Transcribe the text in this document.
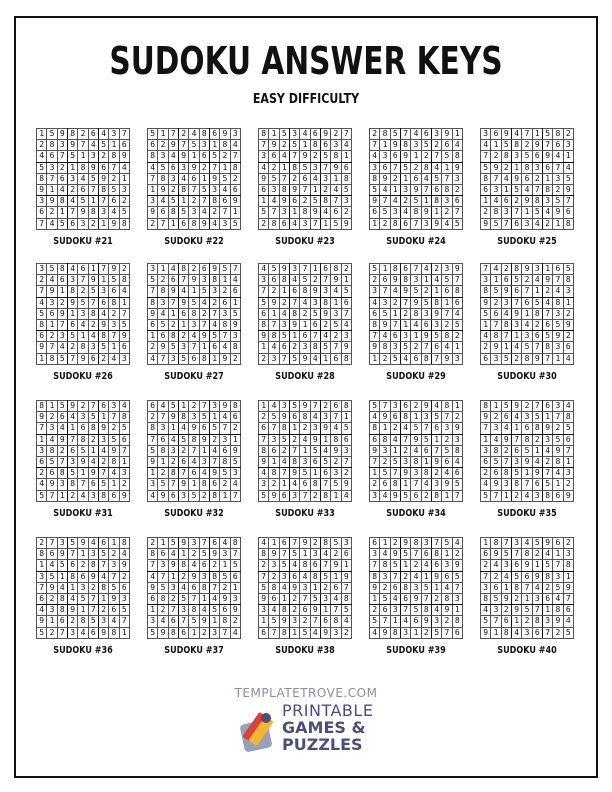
SUDOKU ANSWER KEYS
EASY DIFFICULTY
1	5	9	8	2	6	4	3	7
2	8	3	9	7	4	5	1	6
4	6	7	5	1	3	2	8	9
5	3	2	1	8	9	6	7	4
8	7	6	3	4	5	9	2	1
9	1	4	2	6	7	8	5	3
3	9	8	4	5	1	7	6	2
6	2	1	7	9	8	3	4	5
7	4	5	6	3	2	1	9	8
SUDOKU #21
5	1	7	2	4	8	6	9	3
6	2	9	7	5	3	1	8	4
8	3	4	9	1	6	5	2	7
4	5	6	3	9	2	7	1	8
7	8	3	4	6	1	9	5	2
1	9	2	8	7	5	3	4	6
3	4	5	1	2	7	8	6	9
9	6	8	5	3	4	2	7	1
2	7	1	6	8	9	4	3	5
SUDOKU #22
8	1	5	3	4	6	9	2	7
7	9	2	5	1	8	6	3	4
3	6	4	7	9	2	5	8	1
4	2	1	8	5	3	7	9	6
9	5	7	2	6	4	3	1	8
6	3	8	9	7	1	2	4	5
1	4	9	6	2	5	8	7	3
5	7	3	1	8	9	4	6	2
2	8	6	4	3	7	1	5	9
SUDOKU #23
2	8	5	7	4	6	3	9	1
7	1	9	8	3	5	2	6	4
4	3	6	9	1	2	7	5	8
3	6	7	5	2	8	4	1	9
8	9	2	1	6	4	5	7	3
5	4	1	3	9	7	6	8	2
9	7	4	2	5	1	8	3	6
6	5	3	4	8	9	1	2	7
1	2	8	6	7	3	9	4	5
SUDOKU #24
3	6	9	4	7	1	5	8	2
4	1	5	8	2	9	7	6	3
7	2	8	3	5	6	9	4	1
5	9	2	1	8	3	6	7	4
8	7	4	9	6	2	1	3	5
6	3	1	5	4	7	8	2	9
1	4	6	2	9	8	3	5	7
2	8	3	7	1	5	4	9	6
9	5	7	6	3	4	2	1	8
SUDOKU #25
3	5	8	4	6	1	7	9	2
2	4	6	3	7	9	1	5	8
7	9	1	8	2	5	3	6	4
4	3	2	9	5	7	6	8	1
5	6	9	1	3	8	4	2	7
8	1	7	6	4	2	9	3	5
6	2	3	5	1	4	8	7	9
9	7	4	2	8	3	5	1	6
1	8	5	7	9	6	2	4	3
SUDOKU #26
3	1	4	8	2	6	9	5	7
5	2	6	7	9	3	8	1	4
7	8	9	4	1	5	3	2	6
8	3	7	9	5	4	2	6	1
9	4	1	6	8	2	7	3	5
6	5	2	1	3	7	4	8	9
1	6	8	2	4	9	5	7	3
2	9	5	3	7	1	6	4	8
4	7	3	5	6	8	1	9	2
SUDOKU #27
4	5	9	3	7	1	6	8	2
3	6	8	4	5	2	7	9	1
7	2	1	6	8	9	3	4	5
5	9	2	7	4	3	8	1	6
6	1	4	8	2	5	9	3	7
8	7	3	9	1	6	2	5	4
9	8	5	1	6	7	4	2	3
1	4	6	2	3	8	5	7	9
2	3	7	5	9	4	1	6	8
SUDOKU #28
5	1	8	6	7	4	2	3	9
2	6	9	8	3	1	4	5	7
3	7	4	9	5	2	1	6	8
4	3	2	7	9	5	8	1	6
6	5	1	2	8	3	9	7	4
8	9	7	1	4	6	3	2	5
7	4	6	3	1	9	5	8	2
9	8	3	5	2	7	6	4	1
1	2	5	4	6	8	7	9	3
SUDOKU #29
7	4	2	8	9	3	1	6	5
3	1	6	5	2	4	9	7	8
8	5	9	6	7	1	2	4	3
9	2	3	7	6	5	4	8	1
5	6	4	9	1	8	7	3	2
1	7	8	3	4	2	6	5	9
4	8	7	1	3	6	5	9	2
2	9	1	4	5	7	8	3	6
6	3	5	2	8	9	7	1	4
SUDOKU #30
8	1	5	9	2	7	6	3	4
9	2	6	4	3	5	1	7	8
7	3	4	1	6	8	9	2	5
1	4	9	7	8	2	3	5	6
3	8	2	6	5	1	4	9	7
6	5	7	3	9	4	2	8	1
2	6	8	5	1	9	7	4	3
4	9	3	8	7	6	5	1	2
5	7	1	2	4	3	8	6	9
SUDOKU #31
6	4	5	1	2	7	3	9	8
2	7	9	8	3	5	1	4	6
8	3	1	4	9	6	5	7	2
7	6	4	5	8	9	2	3	1
5	8	3	2	7	1	4	6	9
9	1	2	6	4	3	7	8	5
1	2	8	7	6	4	9	5	3
3	5	7	9	1	8	6	2	4
4	9	6	3	5	2	8	1	7
SUDOKU #32
1	4	3	5	9	7	2	6	8
2	5	9	6	8	4	3	7	1
6	7	8	1	2	3	9	4	5
7	3	5	2	4	9	1	8	6
8	6	2	7	1	5	4	9	3
9	1	4	8	3	6	5	2	7
4	8	7	9	5	1	6	3	2
3	2	1	4	6	8	7	5	9
5	9	6	3	7	2	8	1	4
SUDOKU #33
5	7	3	6	2	9	4	8	1
4	9	6	8	1	3	5	7	2
8	1	2	4	5	7	6	3	9
6	8	4	7	9	5	1	2	3
9	3	1	2	4	6	7	5	8
7	2	5	3	8	1	9	6	4
1	5	7	9	3	8	2	4	6
2	6	8	1	7	4	3	9	5
3	4	9	5	6	2	8	1	7
SUDOKU #34
8	1	5	9	2	7	6	3	4
9	2	6	4	3	5	1	7	8
7	3	4	1	6	8	9	2	5
1	4	9	7	8	2	3	5	6
3	8	2	6	5	1	4	9	7
6	5	7	3	9	4	2	8	1
2	6	8	5	1	9	7	4	3
4	9	3	8	7	6	5	1	2
5	7	1	2	4	3	8	6	9
SUDOKU #35
2	7	3	5	9	4	6	1	8
8	6	9	7	1	3	5	2	4
1	4	5	6	2	8	7	3	9
3	5	1	8	6	9	4	7	2
7	9	4	1	3	2	8	5	6
6	2	8	4	5	7	1	9	3
4	3	8	9	1	7	2	6	5
9	1	6	2	8	5	3	4	7
5	2	7	3	4	6	9	8	1
SUDOKU #36
2	1	5	9	3	7	6	4	8
8	6	4	1	2	5	9	3	7
7	3	9	8	4	6	2	1	5
4	7	1	2	9	3	8	5	6
9	5	3	4	6	8	7	2	1
6	8	2	5	7	1	4	9	3
1	2	7	3	8	4	5	6	9
3	4	6	7	5	9	1	8	2
5	9	8	6	1	2	3	7	4
SUDOKU #37
4	1	6	7	9	2	8	5	3
8	9	7	5	1	3	4	2	6
2	3	5	4	8	6	7	9	1
7	2	3	6	4	8	5	1	9
5	8	4	9	3	1	2	6	7
9	6	1	2	7	5	3	4	8
3	4	8	2	6	9	1	7	5
1	5	9	3	2	7	6	8	4
6	7	8	1	5	4	9	3	2
SUDOKU #38
6	1	2	9	8	3	7	5	4
3	4	9	5	7	6	8	1	2
7	8	5	1	2	4	6	3	9
8	3	7	2	4	1	9	6	5
9	2	6	8	3	5	1	4	7
1	5	4	6	9	7	2	8	3
2	6	3	7	5	8	4	9	1
5	7	1	4	6	9	3	2	8
4	9	8	3	1	2	5	7	6
SUDOKU #39
1	8	7	3	4	5	9	6	2
6	9	5	7	8	2	4	1	3
2	4	3	6	9	1	5	7	8
7	2	4	5	6	9	8	3	1
3	6	1	8	7	4	2	5	9
8	5	9	2	1	3	6	4	7
4	3	2	9	5	7	1	8	6
5	7	6	1	2	8	3	9	4
9	1	8	4	3	6	7	2	5
SUDOKU #40
TEMPLATETROVE.COM
PRINTABLE
GAMES &
PUZZLES
